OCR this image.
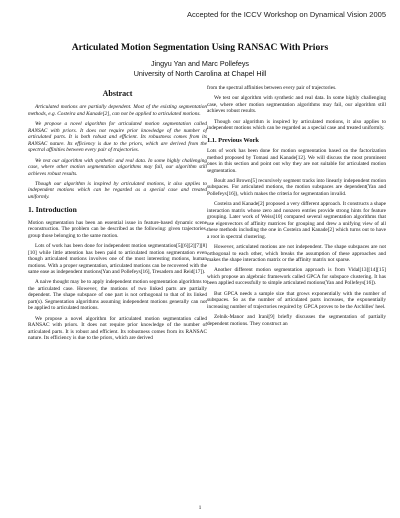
Accepted for the ICCV Workshop on Dynamical Vision 2005
Articulated Motion Segmentation Using RANSAC With Priors
Jingyu Yan and Marc Pollefeys
University of North Carolina at Chapel Hill
Abstract

Articulated motions are partially dependent. Most of the existing segmentation methods, e.g. Costeira and Kanade[2], can not be applied to articulated motions.

We propose a novel algorithm for articulated motion segmentation called RANSAC with priors. It does not require prior knowledge of the number of articulated parts. It is both robust and efficient. Its robustness comes from its RANSAC nature. Its efficiency is due to the priors, which are derived from the spectral affinities between every pair of trajectories.

We test our algorithm with synthetic and real data. In some highly challenging case, where other motion segmentation algorithms may fail, our algorithm still achieves robust results.

Though our algorithm is inspired by articulated motions, it also applies to independent motions which can be regarded as a special case and treated uniformly.

1. Introduction

Motion segmentation has been an essential issue in feature-based dynamic scene reconstruction. The problem can be described as the following: given trajectories, group those belonging to the same motion.

Lots of work has been done for independent motion segmentation[5][6][2][7][8][10] while little attention has been paid to articulated motion segmentation even though articulated motions involves one of the most interesting motions, human motions. With a proper segmentation, articulated motions can be recovered with the same ease as independent motions(Yan and Pollefeys[16], Tresadern and Reid[17]).

A naive thought may be to apply independent motion segmentation algorithms to the articulated case. However, the motions of two linked parts are partially dependent. The shape subspace of one part is not orthogonal to that of its linked part(s). Segmentation algorithms assuming independent motions generally can not be applied to articulated motions.

We propose a novel algorithm for articulated motion segmentation called RANSAC with priors. It does not require prior knowledge of the number of articulated parts. It is robust and efficient. Its robustness comes from its RANSAC nature. Its efficiency is due to the priors, which are derived

from the spectral affinities between every pair of trajectories.

We test our algorithm with synthetic and real data. In some highly challenging case, where other motion segmentation algorithms may fail, our algorithm still achieves robust results.

Though our algorithm is inspired by articulated motions, it also applies to independent motions which can be regarded as a special case and treated uniformly.

1.1. Previous Work

Lots of work has been done for motion segmentation based on the factorization method proposed by Tomasi and Kanade[12]. We will discuss the most prominent ones in this section and point out why they are not suitable for articulated motion segmentation.

Boult and Brown[5] recursively segment tracks into linearly independent motion subspaces. For articulated motions, the motion subspaces are dependent(Yan and Pollefeys[16]), which makes the criteria for segmentation invalid.

Costeira and Kanade[2] proposed a very different approach. It constructs a shape interaction matrix whose zero and nonzero entries provide strong hints for feature grouping. Later work of Weiss[10] compared several segmentation algorithms that use eigenvectors of affinity matrices for grouping and drew a unifying view of all these methods including the one in Costeira and Kanade[2] which turns out to have a root in spectral clustering.

However, articulated motions are not independent. The shape subspaces are not orthogonal to each other, which breaks the assumption of these approaches and makes the shape interaction matrix or the affinity matrix not sparse.

Another different motion segmentation approach is from Vidal[13][14][15] which propose an algebraic framework called GPCA for subspace clustering. It has been applied successfully to simple articulated motions(Yan and Pollefeys[16]).

But GPCA needs a sample size that grows exponentially with the number of subspaces. So as the number of articulated parts increases, the exponentially increasing number of trajectories required by GPCA proves to be the Archilles' heel.

Zelnik-Manor and Irani[9] briefly discusses the segmentation of partially dependent motions. They construct an

1
